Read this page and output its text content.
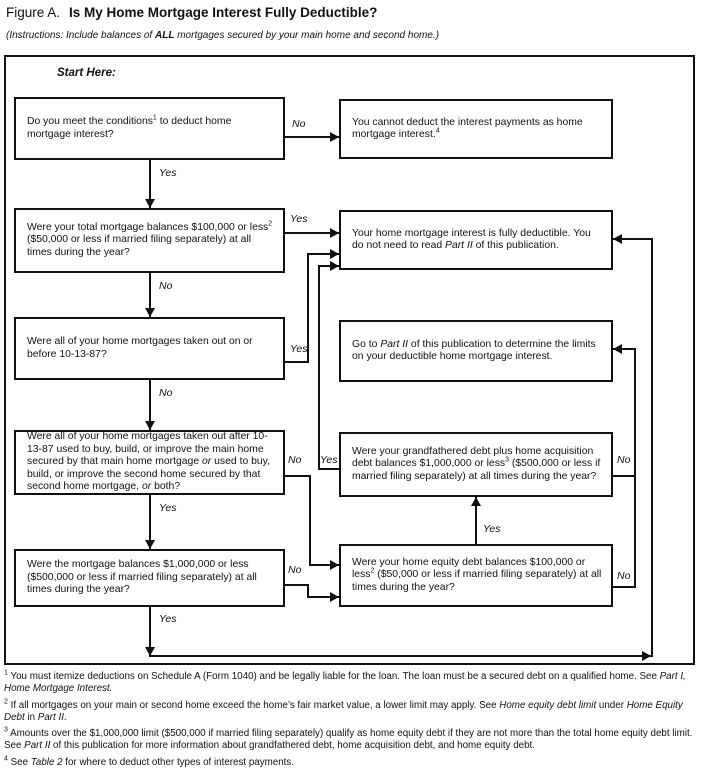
Figure A. Is My Home Mortgage Interest Fully Deductible?
(Instructions: Include balances of ALL mortgages secured by your main home and second home.)
Start Here:
Do you meet the conditions$^1$ to deduct home mortgage interest?
You cannot deduct the interest payments as home mortgage interest.$^4$
No
Yes
Were your total mortgage balances $100,000 or less$^2$ ($50,000 or less if married filing separately) at all times during the year?
Your home mortgage interest is fully deductible. You do not need to read Part II of this publication.
Yes
No
Were all of your home mortgages taken out on or before 10-13-87?
Go to Part II of this publication to determine the limits on your deductible home mortgage interest.
Yes
No
Were all of your home mortgages taken out after 10-13-87 used to buy, build, or improve the main home secured by that main home mortgage or used to buy, build, or improve the second home secured by that second home mortgage, or both?
Were your grandfathered debt plus home acquisition debt balances $1,000,000 or less$^3$ ($500,000 or less if married filing separately) at all times during the year?
Yes
No	No
Yes
Were the mortgage balances $1,000,000 or less ($500,000 or less if married filing separately) at all times during the year?
Were your home equity debt balances $100,000 or less$^2$ ($50,000 or less if married filing separately) at all times during the year?
No
Yes
No
Yes

$^1$ You must itemize deductions on Schedule A (Form 1040) and be legally liable for the loan. The loan must be a secured debt on a qualified home. See Part I, Home Mortgage Interest.

$^2$ If all mortgages on your main or second home exceed the home’s fair market value, a lower limit may apply. See Home equity debt limit under Home Equity Debt in Part II.

$^3$ Amounts over the $1,000,000 limit ($500,000 if married filing separately) qualify as home equity debt if they are not more than the total home equity debt limit. See Part II of this publication for more information about grandfathered debt, home acquisition debt, and home equity debt.

$^4$ See Table 2 for where to deduct other types of interest payments.
